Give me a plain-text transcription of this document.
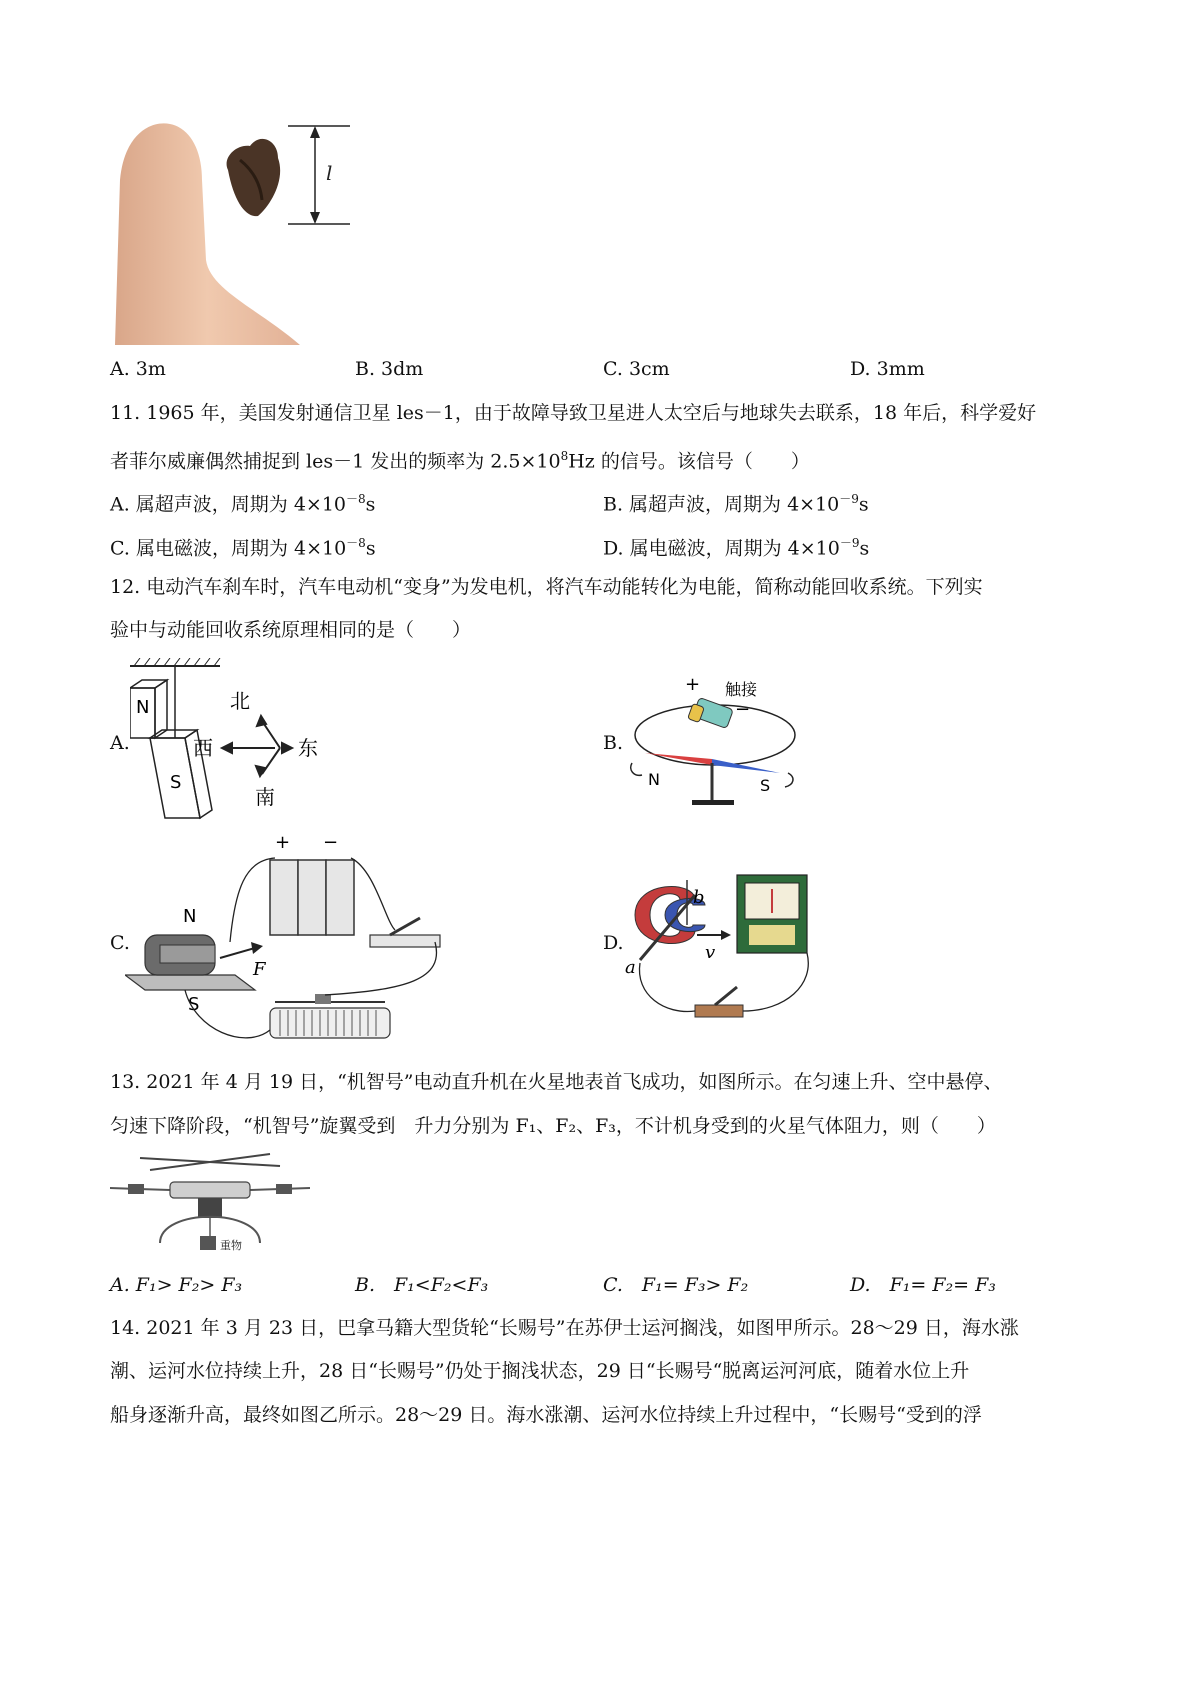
l
A. 3m	B. 3dm	C. 3cm	D. 3mm
11. 1965 年，美国发射通信卫星 les－1，由于故障导致卫星进人太空后与地球失去联系，18 年后，科学爱好
者菲尔威廉偶然捕捉到 les－1 发出的频率为 $2.5\times 10^8Hz$ 的信号。该信号（　　）
A. 属超声波，周期为 $4\times 10^{-8}s$	B. 属超声波，周期为 $4\times 10^{-9}s$
C. 属电磁波，周期为 $4\times 10^{-8}s$	D. 属电磁波，周期为 $4\times 10^{-9}s$
12. 电动汽车刹车时，汽车电动机“变身”为发电机，将汽车动能转化为电能，简称动能回收系统。下列实
验中与动能回收系统原理相同的是（　　）
A.	B.
C.	D.
N
S
北
南
西	东
+ 触接
−
N	S
+ −
N
S
F
b
a
v
13. 2021 年 4 月 19 日，“机智号”电动直升机在火星地表首飞成功，如图所示。在匀速上升、空中悬停、
匀速下降阶段，“机智号”旋翼受到　升力分别为 F₁、F₂、F₃，不计机身受到的火星气体阻力，则（　　）
重物
A. F₁> F₂> F₃	B.　F₁<F₂<F₃	C.　F₁= F₃> F₂	D.　F₁= F₂= F₃
14. 2021 年 3 月 23 日，巴拿马籍大型货轮“长赐号”在苏伊士运河搁浅，如图甲所示。28～29 日，海水涨
潮、运河水位持续上升，28 日“长赐号”仍处于搁浅状态，29 日“长赐号“脱离运河河底，随着水位上升
船身逐渐升高，最终如图乙所示。28～29 日。海水涨潮、运河水位持续上升过程中，“长赐号“受到的浮
